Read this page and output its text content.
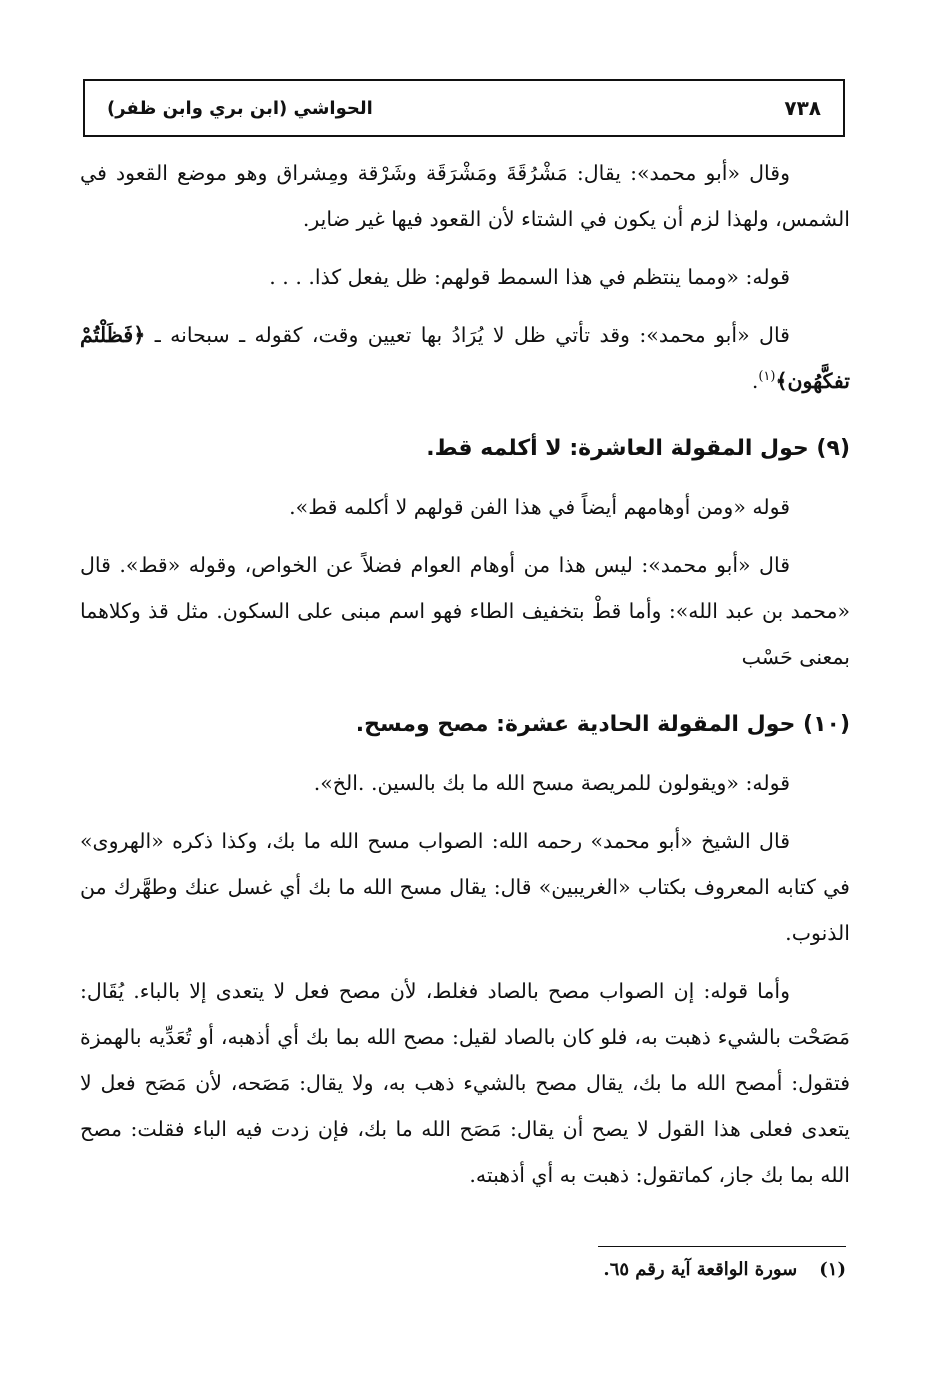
الحواشي (ابن بري وابن ظفر)	٧٣٨

وقال «أبو محمد»: يقال: مَشْرُقَةَ ومَشْرَقَة وشَرْقة ومِشراق وهو موضع القعود في الشمس، ولهذا لزم أن يكون في الشتاء لأن القعود فيها غير ضاير.

قوله: «ومما ينتظم في هذا السمط قولهم: ظل يفعل كذا. . . .

قال «أبو محمد»: وقد تأتي ظل لا يُرَادُ بها تعيين وقت، كقوله ـ سبحانه ـ ﴿فَظَلْتُمْ تفكَّهُون﴾$^{(١)}$.

(٩) حول المقولة العاشرة: لا أكلمه قط.

قوله «ومن أوهامهم أيضاً في هذا الفن قولهم لا أكلمه قط».

قال «أبو محمد»: ليس هذا من أوهام العوام فضلاً عن الخواص، وقوله «قط». قال «محمد بن عبد الله»: وأما قطْ بتخفيف الطاء فهو اسم مبنى على السكون. مثل قذ وكلاهما بمعنى حَسْب

(١٠) حول المقولة الحادية عشرة: مصح ومسح.

قوله: «ويقولون للمريصة مسح الله ما بك بالسين. .الخ».

قال الشيخ «أبو محمد» رحمه الله: الصواب مسح الله ما بك، وكذا ذكره «الهروى» في كتابه المعروف بكتاب «الغريبين» قال: يقال مسح الله ما بك أي غسل عنك وطهَّرك من الذنوب.

وأما قوله: إن الصواب مصح بالصاد فغلط، لأن مصح فعل لا يتعدى إلا بالباء. يُقَال: مَصَحْت بالشيء ذهبت به، فلو كان بالصاد لقيل: مصح الله بما بك أي أذهبه، أو تُعَدِّيه بالهمزة فتقول: أمصح الله ما بك، يقال مصح بالشيء ذهب به، ولا يقال: مَصَحه، لأن مَصَح فعل لا يتعدى فعلى هذا القول لا يصح أن يقال: مَصَح الله ما بك، فإن زدت فيه الباء فقلت: مصح الله بما بك جاز، كماتقول: ذهبت به أي أذهبته.

(١)سورة الواقعة آية رقم ٦٥.
